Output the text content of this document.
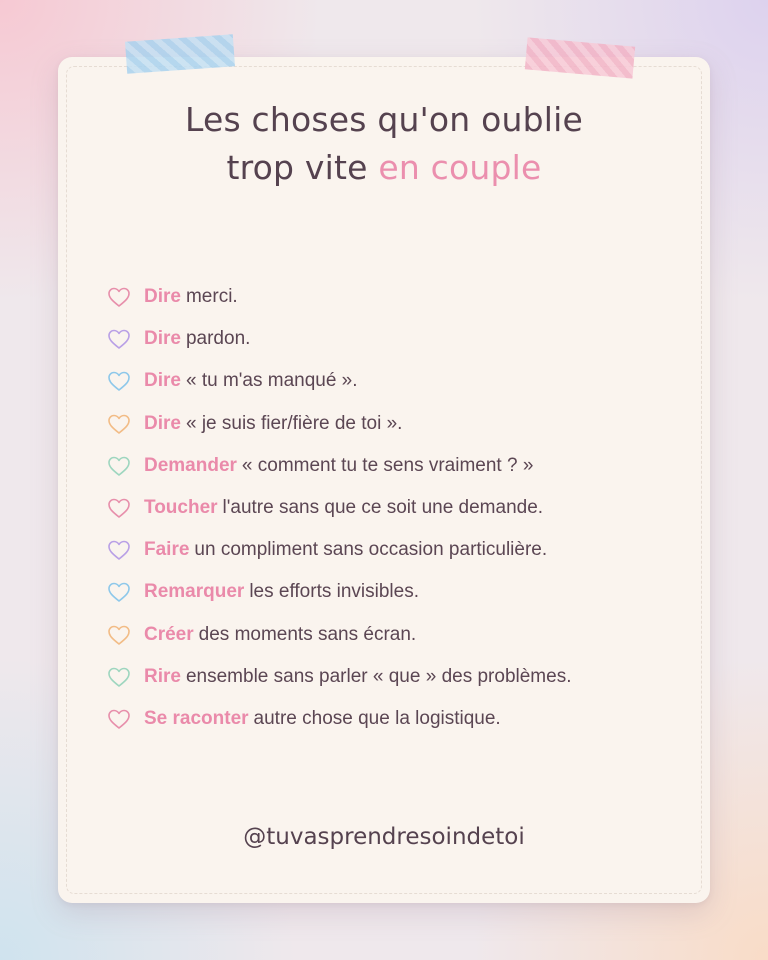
Les choses qu'on oublie
trop vite en couple
Dire merci.
Dire pardon.
Dire « tu m'as manqué ».
Dire « je suis fier/fière de toi ».
Demander « comment tu te sens vraiment ? »
Toucher l'autre sans que ce soit une demande.
Faire un compliment sans occasion particulière.
Remarquer les efforts invisibles.
Créer des moments sans écran.
Rire ensemble sans parler « que » des problèmes.
Se raconter autre chose que la logistique.
@tuvasprendresoindetoi
